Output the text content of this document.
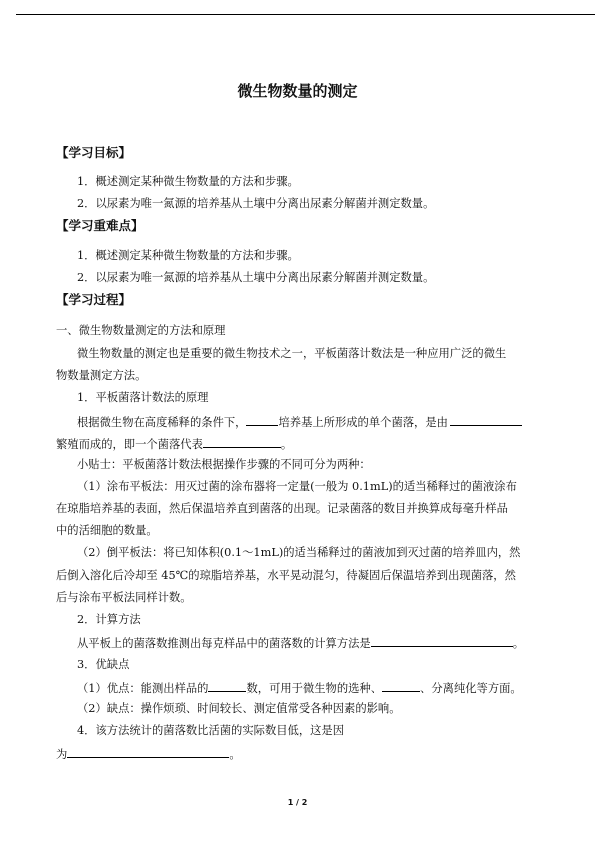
微生物数量的测定
【学习目标】
1．概述测定某种微生物数量的方法和步骤。
2．以尿素为唯一氮源的培养基从土壤中分离出尿素分解菌并测定数量。
【学习重难点】
1．概述测定某种微生物数量的方法和步骤。
2．以尿素为唯一氮源的培养基从土壤中分离出尿素分解菌并测定数量。
【学习过程】
一、微生物数量测定的方法和原理
微生物数量的测定也是重要的微生物技术之一，平板菌落计数法是一种应用广泛的微生
物数量测定方法。
1．平板菌落计数法的原理
根据微生物在高度稀释的条件下，	培养基上所形成的单个菌落，是由
繁殖而成的，即一个菌落代表	。
小贴士：平板菌落计数法根据操作步骤的不同可分为两种：
（1）涂布平板法：用灭过菌的涂布器将一定量(一般为 0.1mL)的适当稀释过的菌液涂布
在琼脂培养基的表面，然后保温培养直到菌落的出现。记录菌落的数目并换算成每毫升样品
中的活细胞的数量。
（2）倒平板法：将已知体积(0.1～1mL)的适当稀释过的菌液加到灭过菌的培养皿内，然
后倒入溶化后冷却至 45℃的琼脂培养基，水平晃动混匀，待凝固后保温培养到出现菌落，然
后与涂布平板法同样计数。
2．计算方法
从平板上的菌落数推测出每克样品中的菌落数的计算方法是	。
3．优缺点
（1）优点：能测出样品的	数，可用于微生物的选种、	、分离纯化等方面。
（2）缺点：操作烦琐、时间较长、测定值常受各种因素的影响。
4．该方法统计的菌落数比活菌的实际数目低，这是因
为	。
1 / 2
